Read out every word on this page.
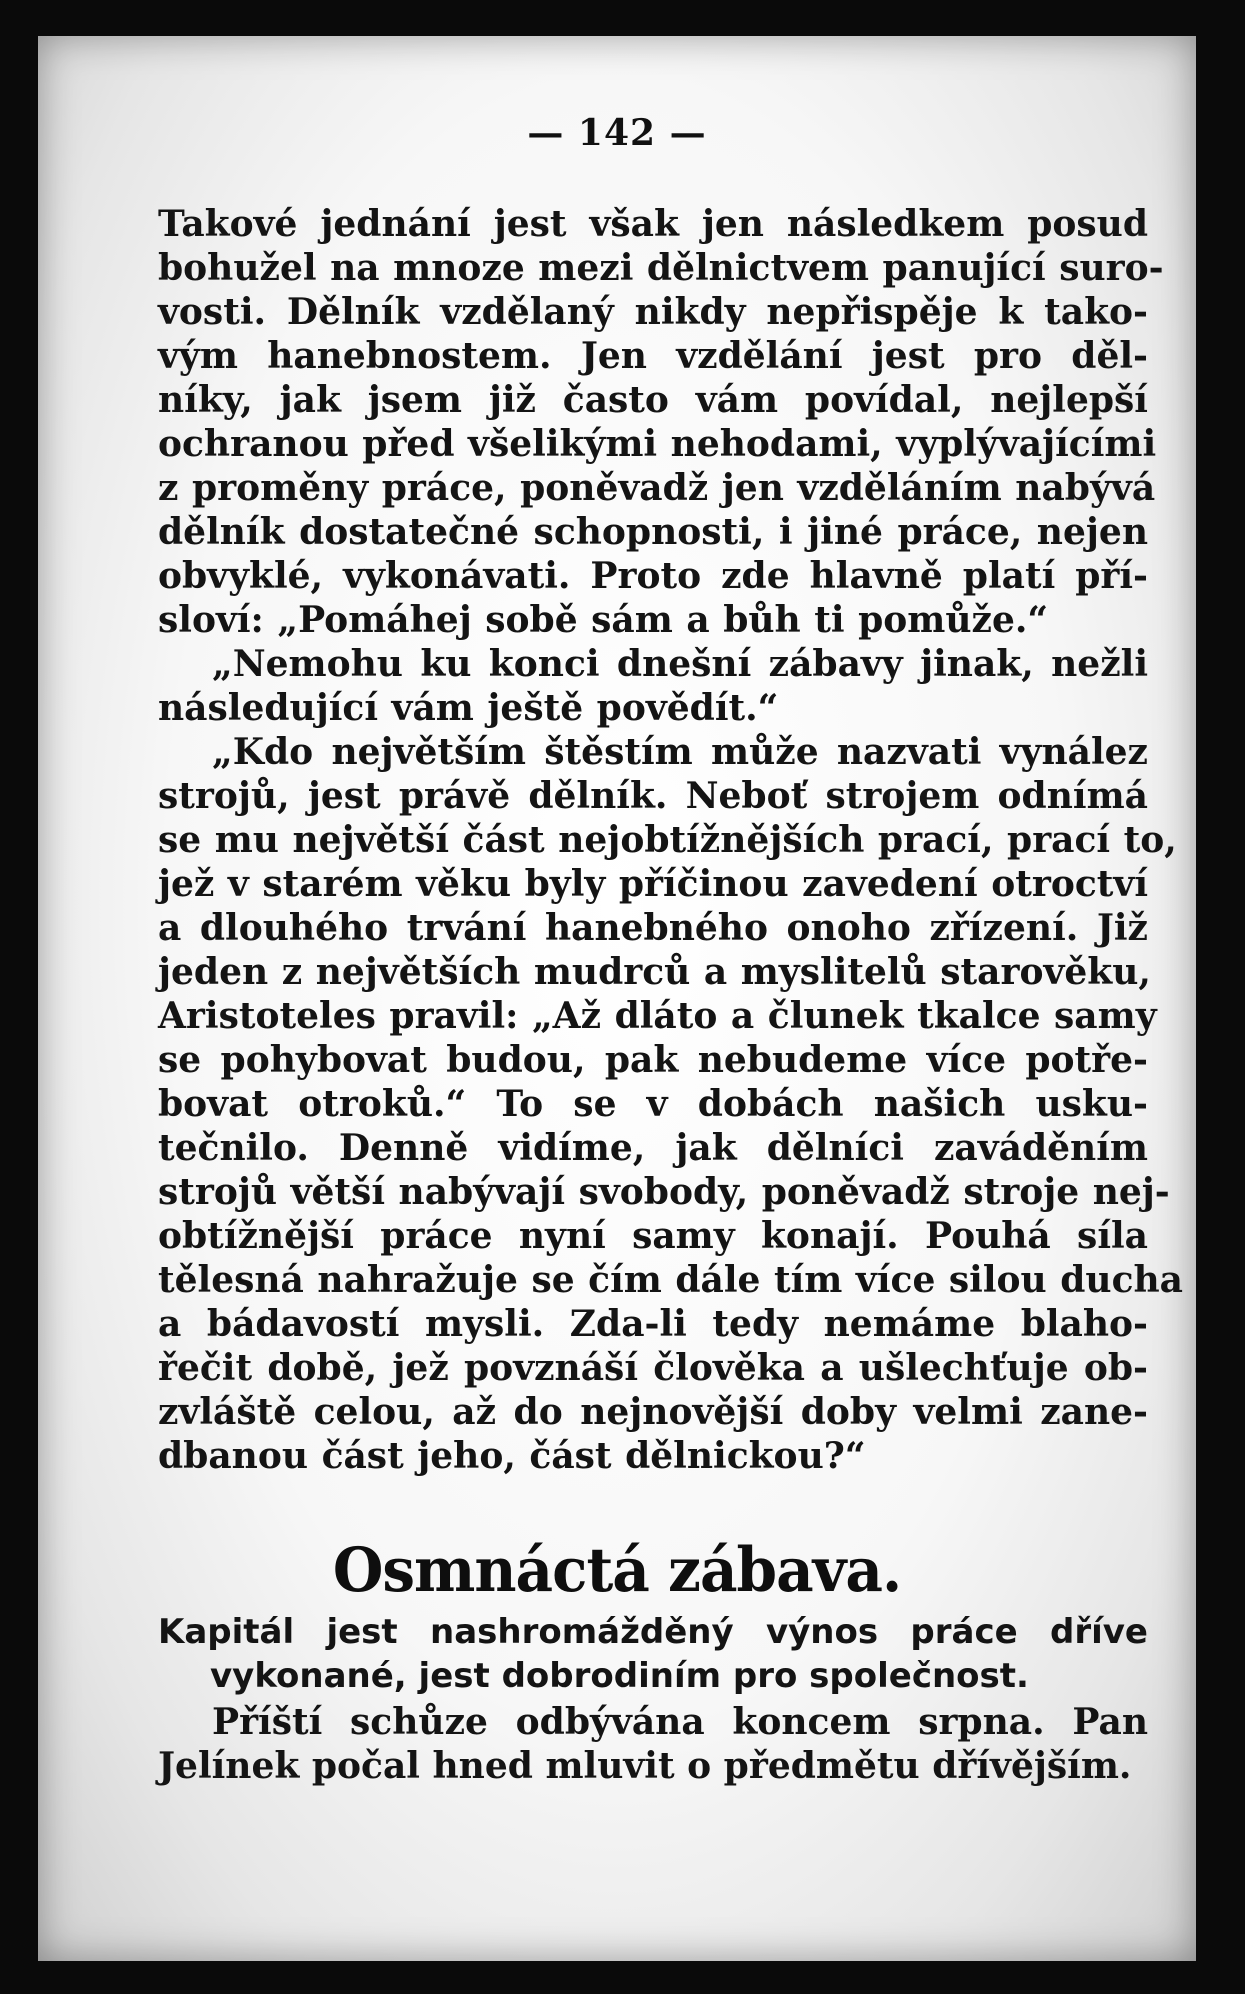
— 142 —
Takové jednání jest však jen následkem posud
bohužel na mnoze mezi dělnictvem panující suro-
vosti. Dělník vzdělaný nikdy nepřispěje k tako-
vým hanebnostem. Jen vzdělání jest pro děl-
níky, jak jsem již často vám povídal, nejlepší
ochranou před všelikými nehodami, vyplývajícími
z proměny práce, poněvadž jen vzděláním nabývá
dělník dostatečné schopnosti, i jiné práce, nejen
obvyklé, vykonávati. Proto zde hlavně platí pří-
sloví: „Pomáhej sobě sám a bůh ti pomůže.“
„Nemohu ku konci dnešní zábavy jinak, nežli
následující vám ještě povědít.“
„Kdo největším štěstím může nazvati vynález
strojů, jest právě dělník. Neboť strojem odnímá
se mu největší část nejobtížnějších prací, prací to,
jež v starém věku byly příčinou zavedení otroctví
a dlouhého trvání hanebného onoho zřízení. Již
jeden z největších mudrců a myslitelů starověku,
Aristoteles pravil: „Až dláto a člunek tkalce samy
se pohybovat budou, pak nebudeme více potře-
bovat otroků.“ To se v dobách našich usku-
tečnilo. Denně vidíme, jak dělníci zaváděním
strojů větší nabývají svobody, poněvadž stroje nej-
obtížnější práce nyní samy konají. Pouhá síla
tělesná nahražuje se čím dále tím více silou ducha
a bádavostí mysli. Zda-li tedy nemáme blaho-
řečit době, jež povznáší člověka a ušlechťuje ob-
zvláště celou, až do nejnovější doby velmi zane-
dbanou část jeho, část dělnickou?“
Osmnáctá zábava.
Kapitál jest nashromážděný výnos práce dříve
vykonané, jest dobrodiním pro společnost.
Příští schůze odbývána koncem srpna. Pan
Jelínek počal hned mluvit o předmětu dřívějším.
